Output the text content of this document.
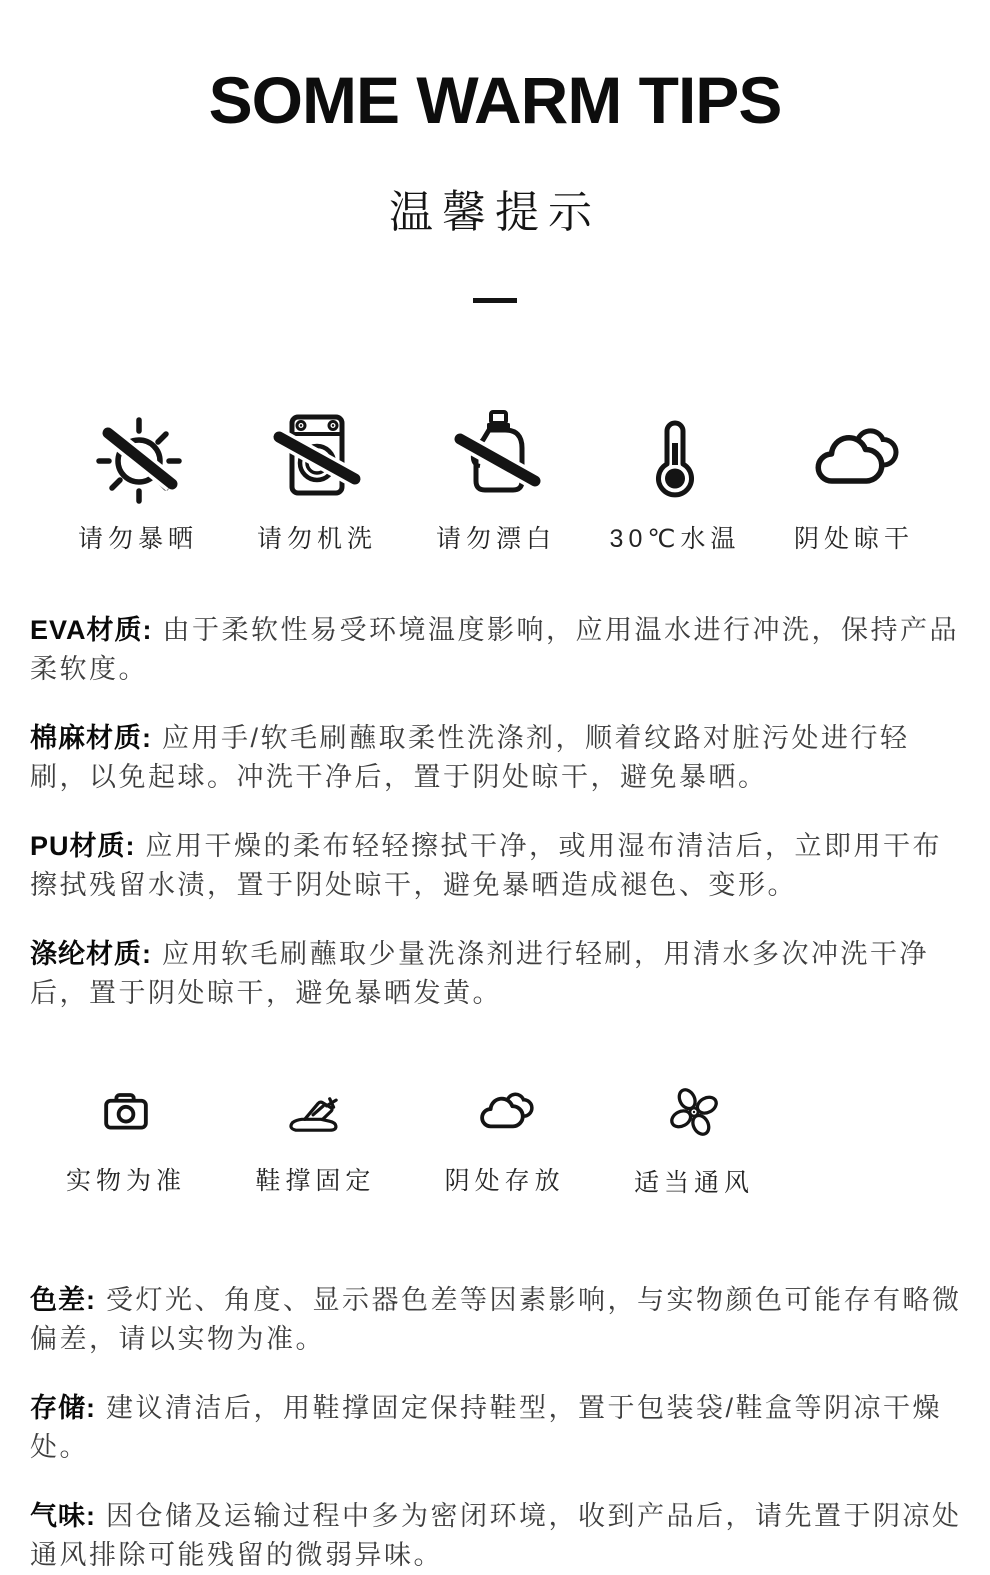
SOME WARM TIPS
温馨提示
请勿暴晒 请勿机洗 请勿漂白 30℃水温 阴处晾干

EVA材质: 由于柔软性易受环境温度影响，应用温水进行冲洗，保持产品柔软度。

棉麻材质: 应用手/软毛刷蘸取柔性洗涤剂，顺着纹路对脏污处进行轻刷，以免起球。冲洗干净后，置于阴处晾干，避免暴晒。

PU材质: 应用干燥的柔布轻轻擦拭干净，或用湿布清洁后，立即用干布擦拭残留水渍，置于阴处晾干，避免暴晒造成褪色、变形。

涤纶材质: 应用软毛刷蘸取少量洗涤剂进行轻刷，用清水多次冲洗干净后，置于阴处晾干，避免暴晒发黄。

实物为准	鞋撑固定	阴处存放	适当通风

色差: 受灯光、角度、显示器色差等因素影响，与实物颜色可能存有略微偏差，请以实物为准。

存储: 建议清洁后，用鞋撑固定保持鞋型，置于包装袋/鞋盒等阴凉干燥处。

气味: 因仓储及运输过程中多为密闭环境，收到产品后，请先置于阴凉处通风排除可能残留的微弱异味。
